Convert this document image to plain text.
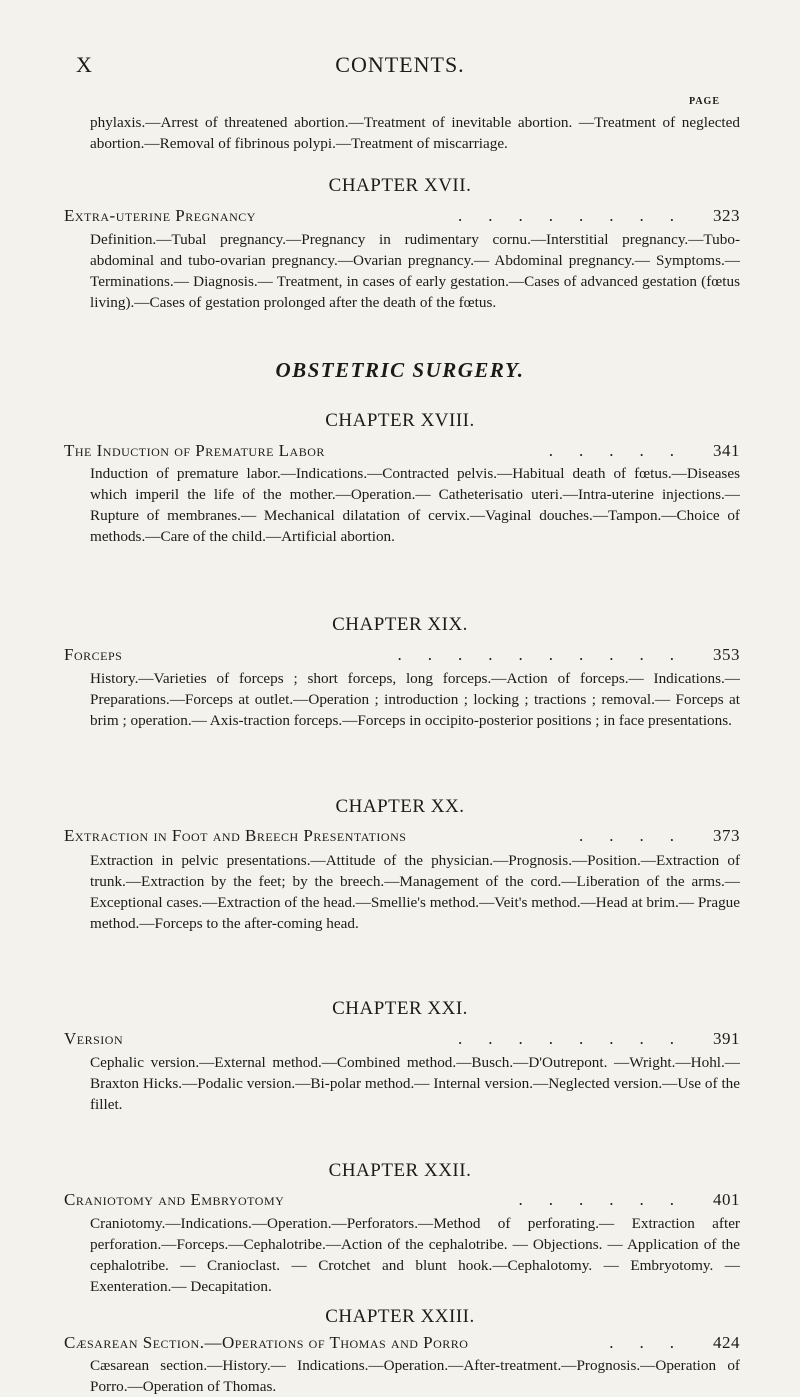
X	CONTENTS.
PAGE
phylaxis.—Arrest of threatened abortion.—Treatment of inevitable abortion. —Treatment of neglected abortion.—Removal of fibrinous polypi.—Treatment of miscarriage.
CHAPTER XVII.
........
Extra-uterine Pregnancy	323
Definition.—Tubal pregnancy.—Pregnancy in rudimentary cornu.—Interstitial pregnancy.—Tubo-abdominal and tubo-ovarian pregnancy.—Ovarian pregnancy.— Abdominal pregnancy.— Symptoms.— Terminations.— Diagnosis.— Treatment, in cases of early gestation.—Cases of advanced gestation (fœtus living).—Cases of gestation prolonged after the death of the fœtus.
OBSTETRIC SURGERY.
CHAPTER XVIII.
.....
The Induction of Premature Labor	341
Induction of premature labor.—Indications.—Contracted pelvis.—Habitual death of fœtus.—Diseases which imperil the life of the mother.—Operation.— Catheterisatio uteri.—Intra-uterine injections.—Rupture of membranes.— Mechanical dilatation of cervix.—Vaginal douches.—Tampon.—Choice of methods.—Care of the child.—Artificial abortion.
CHAPTER XIX.
..........
Forceps	353
History.—Varieties of forceps ; short forceps, long forceps.—Action of forceps.— Indications.— Preparations.—Forceps at outlet.—Operation ; introduction ; locking ; tractions ; removal.— Forceps at brim ; operation.— Axis-traction forceps.—Forceps in occipito-posterior positions ; in face presentations.
CHAPTER XX.
....
Extraction in Foot and Breech Presentations	373
Extraction in pelvic presentations.—Attitude of the physician.—Prognosis.—Position.—Extraction of trunk.—Extraction by the feet; by the breech.—Management of the cord.—Liberation of the arms.—Exceptional cases.—Extraction of the head.—Smellie's method.—Veit's method.—Head at brim.— Prague method.—Forceps to the after-coming head.
CHAPTER XXI.
........
Version	391
Cephalic version.—External method.—Combined method.—Busch.—D'Outrepont. —Wright.—Hohl.—Braxton Hicks.—Podalic version.—Bi-polar method.— Internal version.—Neglected version.—Use of the fillet.
CHAPTER XXII.
......
Craniotomy and Embryotomy	401
Craniotomy.—Indications.—Operation.—Perforators.—Method of perforating.— Extraction after perforation.—Forceps.—Cephalotribe.—Action of the cephalotribe. — Objections. — Application of the cephalotribe. — Cranioclast. — Crotchet and blunt hook.—Cephalotomy. — Embryotomy. — Exenteration.— Decapitation.
CHAPTER XXIII.
...
Cæsarean Section.—Operations of Thomas and Porro	424
Cæsarean section.—History.— Indications.—Operation.—After-treatment.—Prognosis.—Operation of Porro.—Operation of Thomas.
